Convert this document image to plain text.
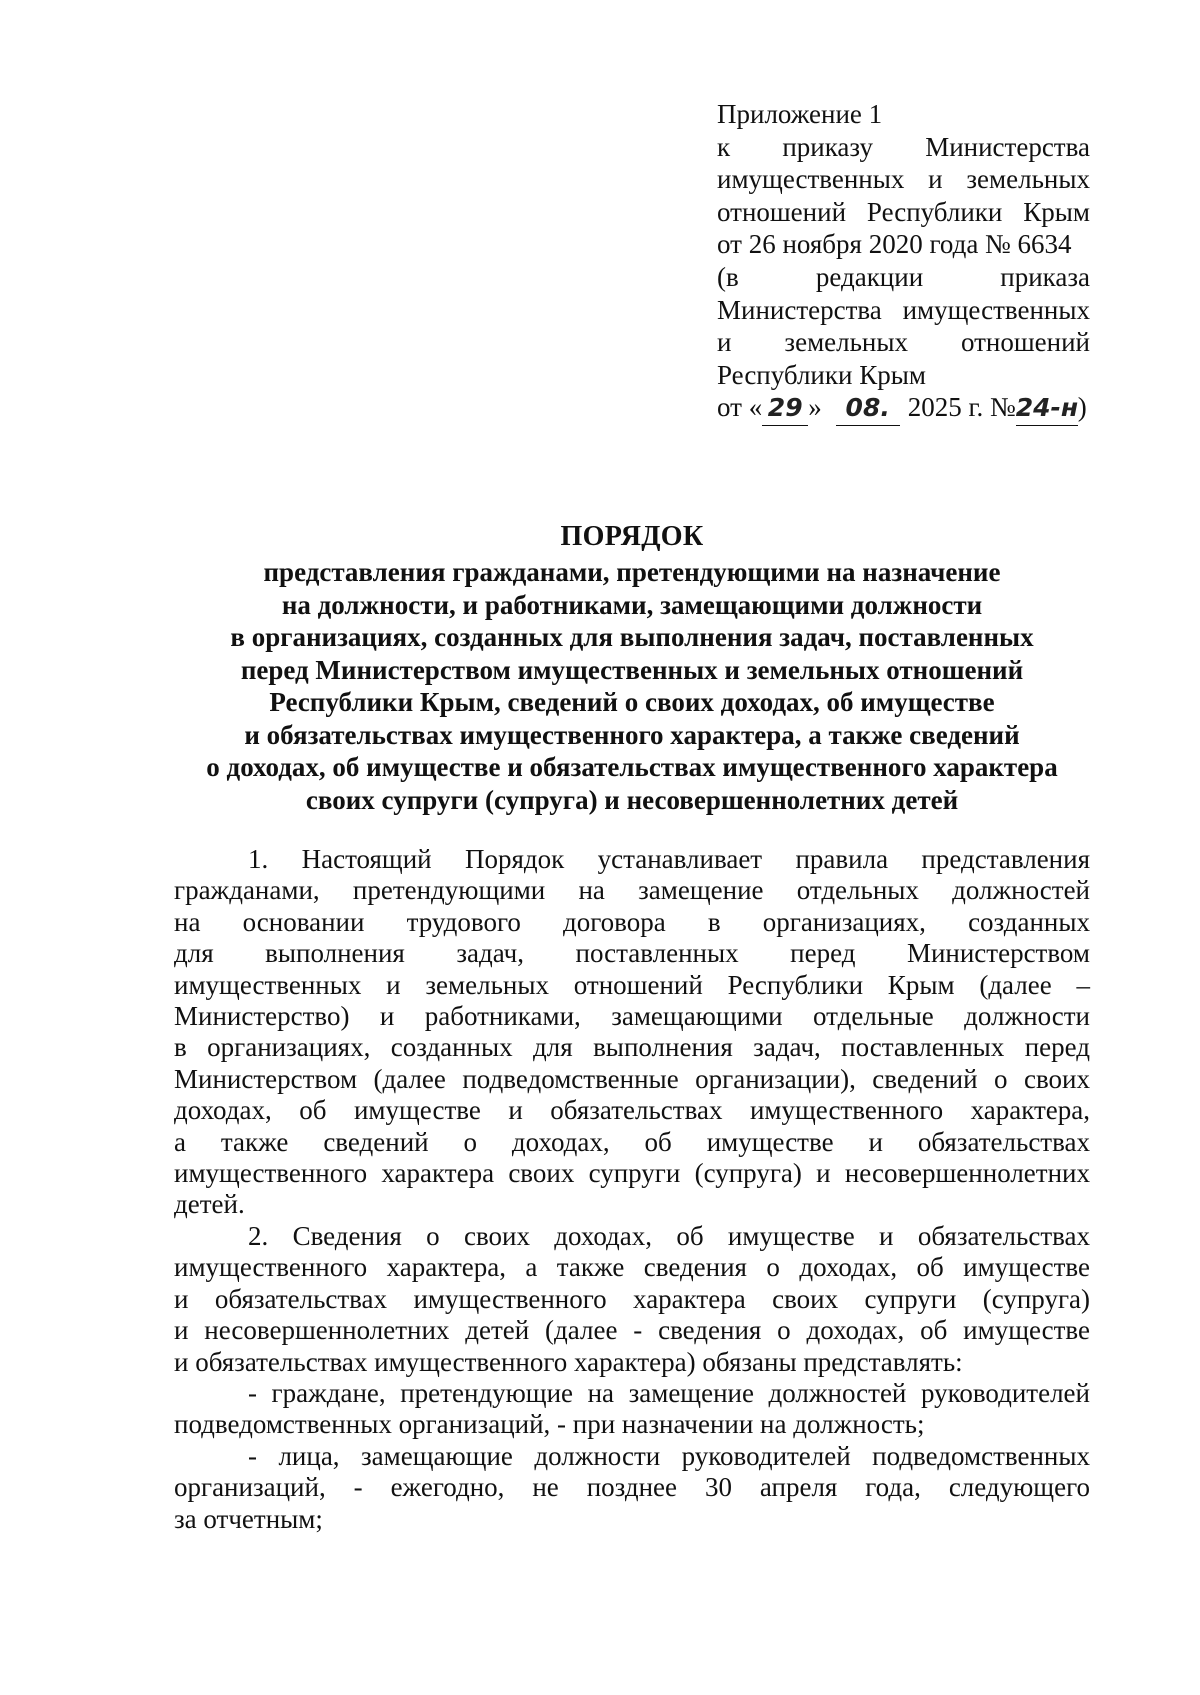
Приложение 1
к приказу Министерства
имущественных и земельных
отношений Республики Крым
от 26 ноября 2020 года № 6634
(в редакции приказа
Министерства имущественных
и земельных отношений
Республики Крым
от « 29 » 08. 2025 г. № 24-н )
ПОРЯДОК
представления гражданами, претендующими на назначение
на должности, и работниками, замещающими должности
в организациях, созданных для выполнения задач, поставленных
перед Министерством имущественных и земельных отношений
Республики Крым, сведений о своих доходах, об имуществе
и обязательствах имущественного характера, а также сведений
о доходах, об имуществе и обязательствах имущественного характера
своих супруги (супруга) и несовершеннолетних детей
1. Настоящий Порядок устанавливает правила представления
гражданами, претендующими на замещение отдельных должностей
на основании трудового договора в организациях, созданных
для выполнения задач, поставленных перед Министерством
имущественных и земельных отношений Республики Крым (далее –
Министерство) и работниками, замещающими отдельные должности
в организациях, созданных для выполнения задач, поставленных перед
Министерством (далее подведомственные организации), сведений о своих
доходах, об имуществе и обязательствах имущественного характера,
а также сведений о доходах, об имуществе и обязательствах
имущественного характера своих супруги (супруга) и несовершеннолетних
детей.
2. Сведения о своих доходах, об имуществе и обязательствах
имущественного характера, а также сведения о доходах, об имуществе
и обязательствах имущественного характера своих супруги (супруга)
и несовершеннолетних детей (далее - сведения о доходах, об имуществе
и обязательствах имущественного характера) обязаны представлять:
- граждане, претендующие на замещение должностей руководителей
подведомственных организаций, - при назначении на должность;
- лица, замещающие должности руководителей подведомственных
организаций, - ежегодно, не позднее 30 апреля года, следующего
за отчетным;
